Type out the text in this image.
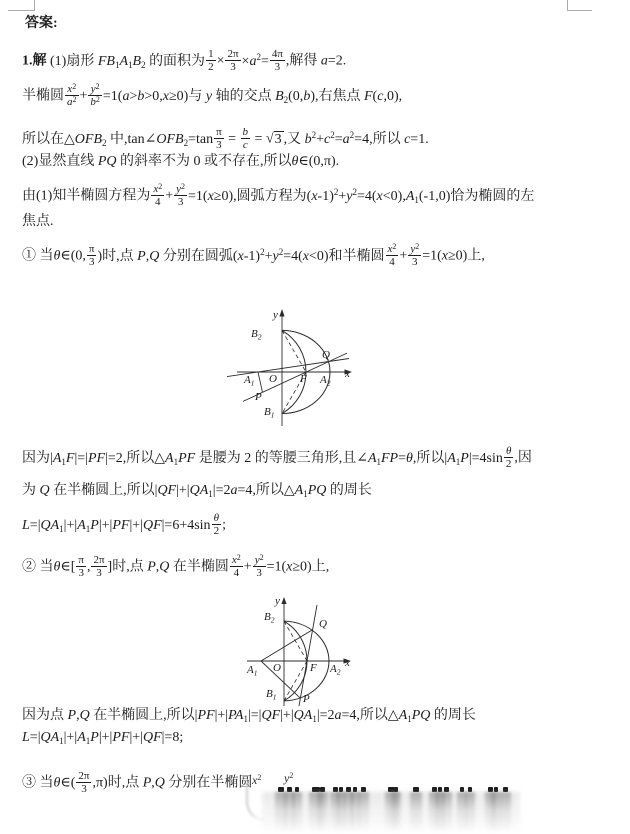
答案:
1.解 (1)扇形 $FB_1A_1B_2$ 的面积为 $\frac{1}{2} \times \frac{2\pi}{3} \times a^2= \frac{4\pi}{3}$ ,解得 a=2.
半椭圆 $\frac{x^2}{a^2} + \frac{y^2}{b^2} =1(a>b>0,x\ge 0)$与 y 轴的交点 $B_2(0,b)$,右焦点 F(c,0),
所以在$\triangle OFB_2$ 中$,\tan\angle OFB_2=\tan \frac{\pi}{3} = \frac{b}{c} = √3$ ,又 $b^2+c^2=a^2=4$,所以 c=1.
(2)显然直线 PQ 的斜率不为 0 或不存在,所以θ∈(0,π).
由(1)知半椭圆方程为 $\frac{x^2}{4} + \frac{y^2}{3} =1(x\ge 0)$,圆弧方程为$(x-1)^2+y^2=4(x<0),A_1(-1,0)$恰为椭圆的左
焦点.
① 当θ∈(0, $\frac{\pi}{3}$ )时,点 P,Q 分别在圆弧$(x-1)^2+y^2=4(x<0)$和半椭圆 $\frac{x^2}{4} + \frac{y^2}{3} =1(x\ge 0)$上,
因为$|A_1F|=|PF|=2$,所以$\triangle A_1PF$ 是腰为 2 的等腰三角形,且$\angle A_1FP=\theta$,所以$|A_1P|=4\sin \frac{\theta}{2}$ ,因
为 Q 在半椭圆上,所以$|QF|+|QA_1|=2a=4$,所以$\triangle A_1PQ$ 的周长
$L=|QA_1|+|A_1P|+|PF|+|QF|=6+4\sin \frac{\theta}{2}$ ;
② 当θ∈[ $\frac{\pi}{3}$ , $\frac{2\pi}{3}$ ]时,点 P,Q 在半椭圆 $\frac{x^2}{4} + \frac{y^2}{3} =1(x\ge 0)$上,
因为点 P,Q 在半椭圆上,所以$|PF|+|PA_1|=|QF|+|QA_1|=2a=4$,所以$\triangle A_1PQ$ 的周长
$L=|QA_1|+|A_1P|+|PF|+|QF|=8$;
③ 当θ∈( $\frac{2\pi}{3} ,\pi$)时,点 P,Q 分别在半椭圆
y
$B_2$
Q
$A_1$ O F $A_2$
x
P
$B_1$
y
$B_2$	Q
$A_1$ O	F $A_2$
x
$B_1$ P
$x^2$ $y^2$
